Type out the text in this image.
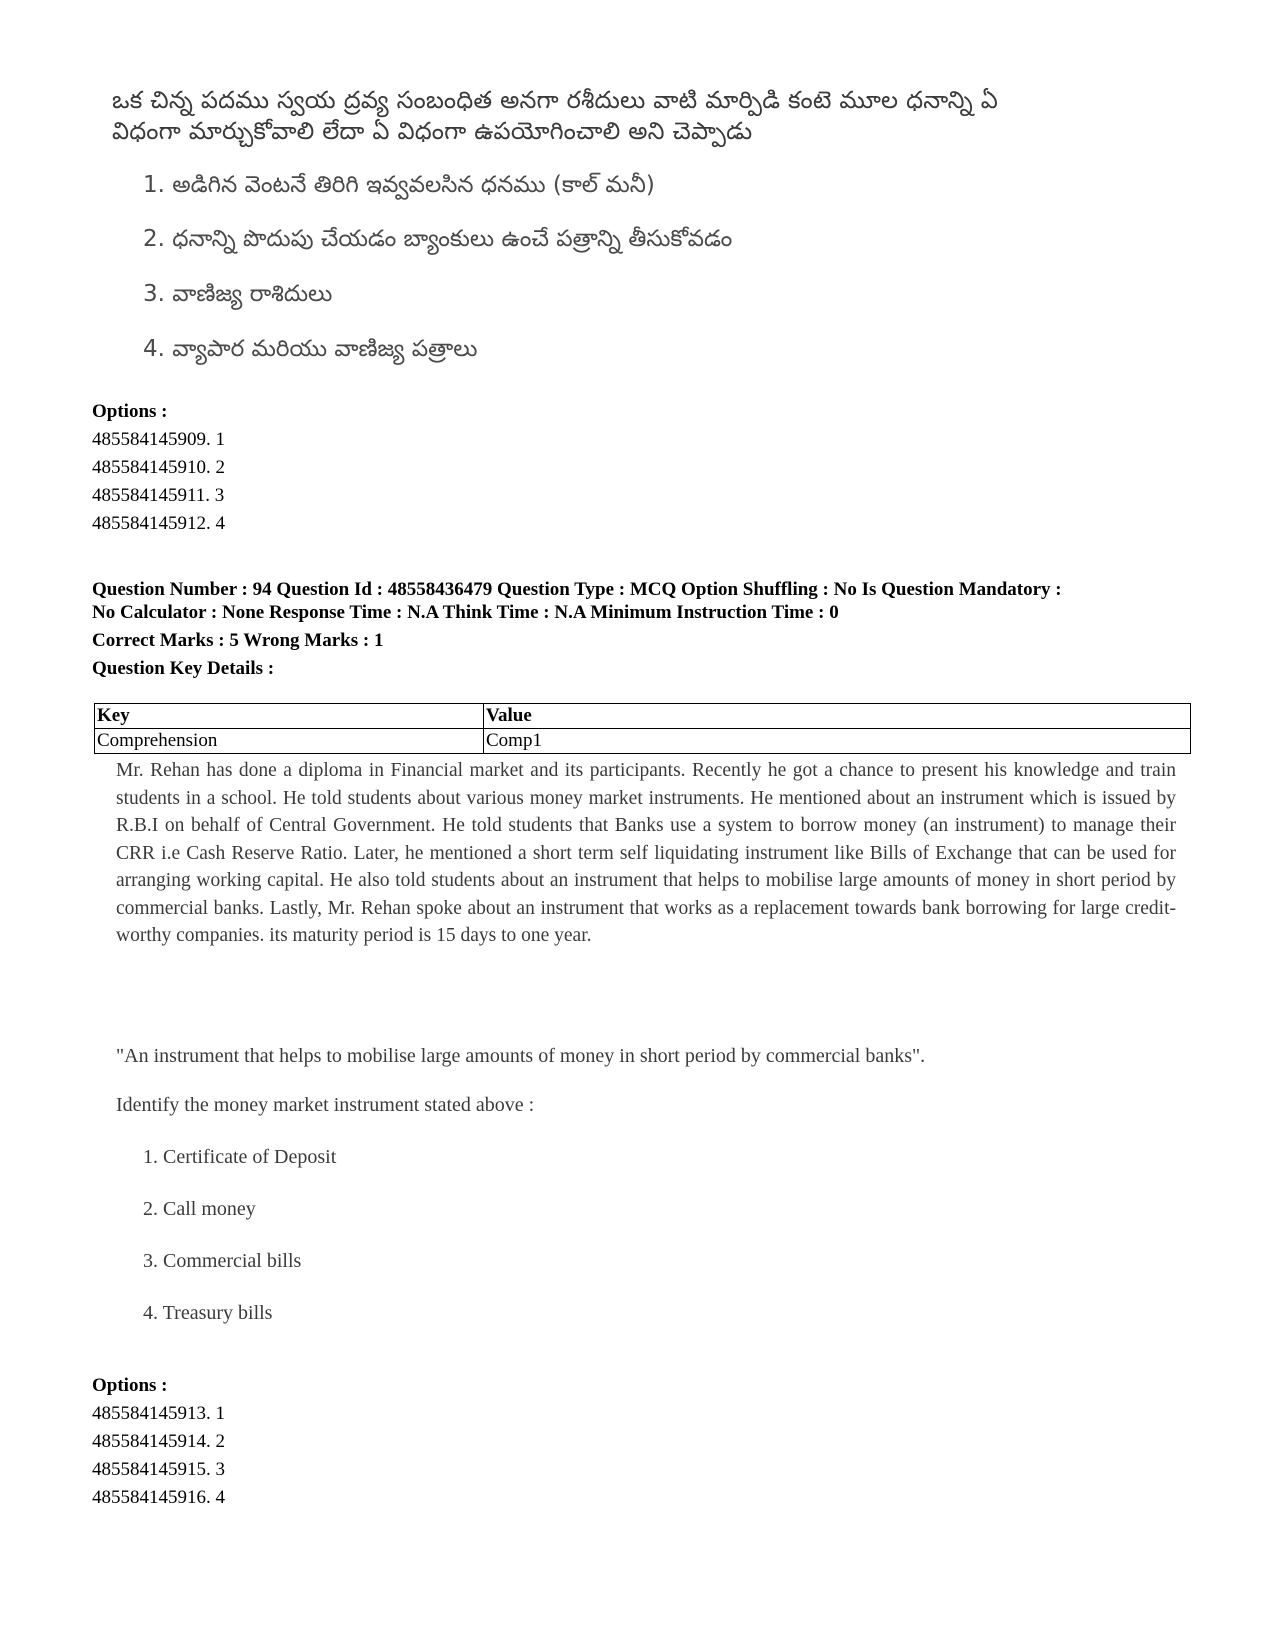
ఒక చిన్న పదము స్వయ ద్రవ్య సంబంధిత అనగా రశీదులు వాటి మార్పిడి కంటె మూల ధనాన్ని ఏ
విధంగా మార్చుకోవాలి లేదా ఏ విధంగా ఉపయోగించాలి అని చెప్పాడు
1. అడిగిన వెంటనే తిరిగి ఇవ్వవలసిన ధనము (కాల్ మనీ)
2. ధనాన్ని పొదుపు చేయడం బ్యాంకులు ఉంచే పత్రాన్ని తీసుకోవడం
3. వాణిజ్య రాశిదులు
4. వ్యాపార మరియు వాణిజ్య పత్రాలు
Options :
485584145909. 1
485584145910. 2
485584145911. 3
485584145912. 4
Question Number : 94 Question Id : 48558436479 Question Type : MCQ Option Shuffling : No Is Question Mandatory :
No Calculator : None Response Time : N.A Think Time : N.A Minimum Instruction Time : 0
Correct Marks : 5 Wrong Marks : 1
Question Key Details :
Key	Value
Comprehension	Comp1
Mr. Rehan has done a diploma in Financial market and its participants. Recently he got a chance to present his knowledge and train students in a school. He told students about various money market instruments. He mentioned about an instrument which is issued by R.B.I on behalf of Central Government. He told students that Banks use a system to borrow money (an instrument) to manage their CRR i.e Cash Reserve Ratio. Later, he mentioned a short term self liquidating instrument like Bills of Exchange that can be used for arranging working capital. He also told students about an instrument that helps to mobilise large amounts of money in short period by commercial banks. Lastly, Mr. Rehan spoke about an instrument that works as a replacement towards bank borrowing for large credit-worthy companies. its maturity period is 15 days to one year.
"An instrument that helps to mobilise large amounts of money in short period by commercial banks".
Identify the money market instrument stated above :
1. Certificate of Deposit
2. Call money
3. Commercial bills
4. Treasury bills
Options :
485584145913. 1
485584145914. 2
485584145915. 3
485584145916. 4
